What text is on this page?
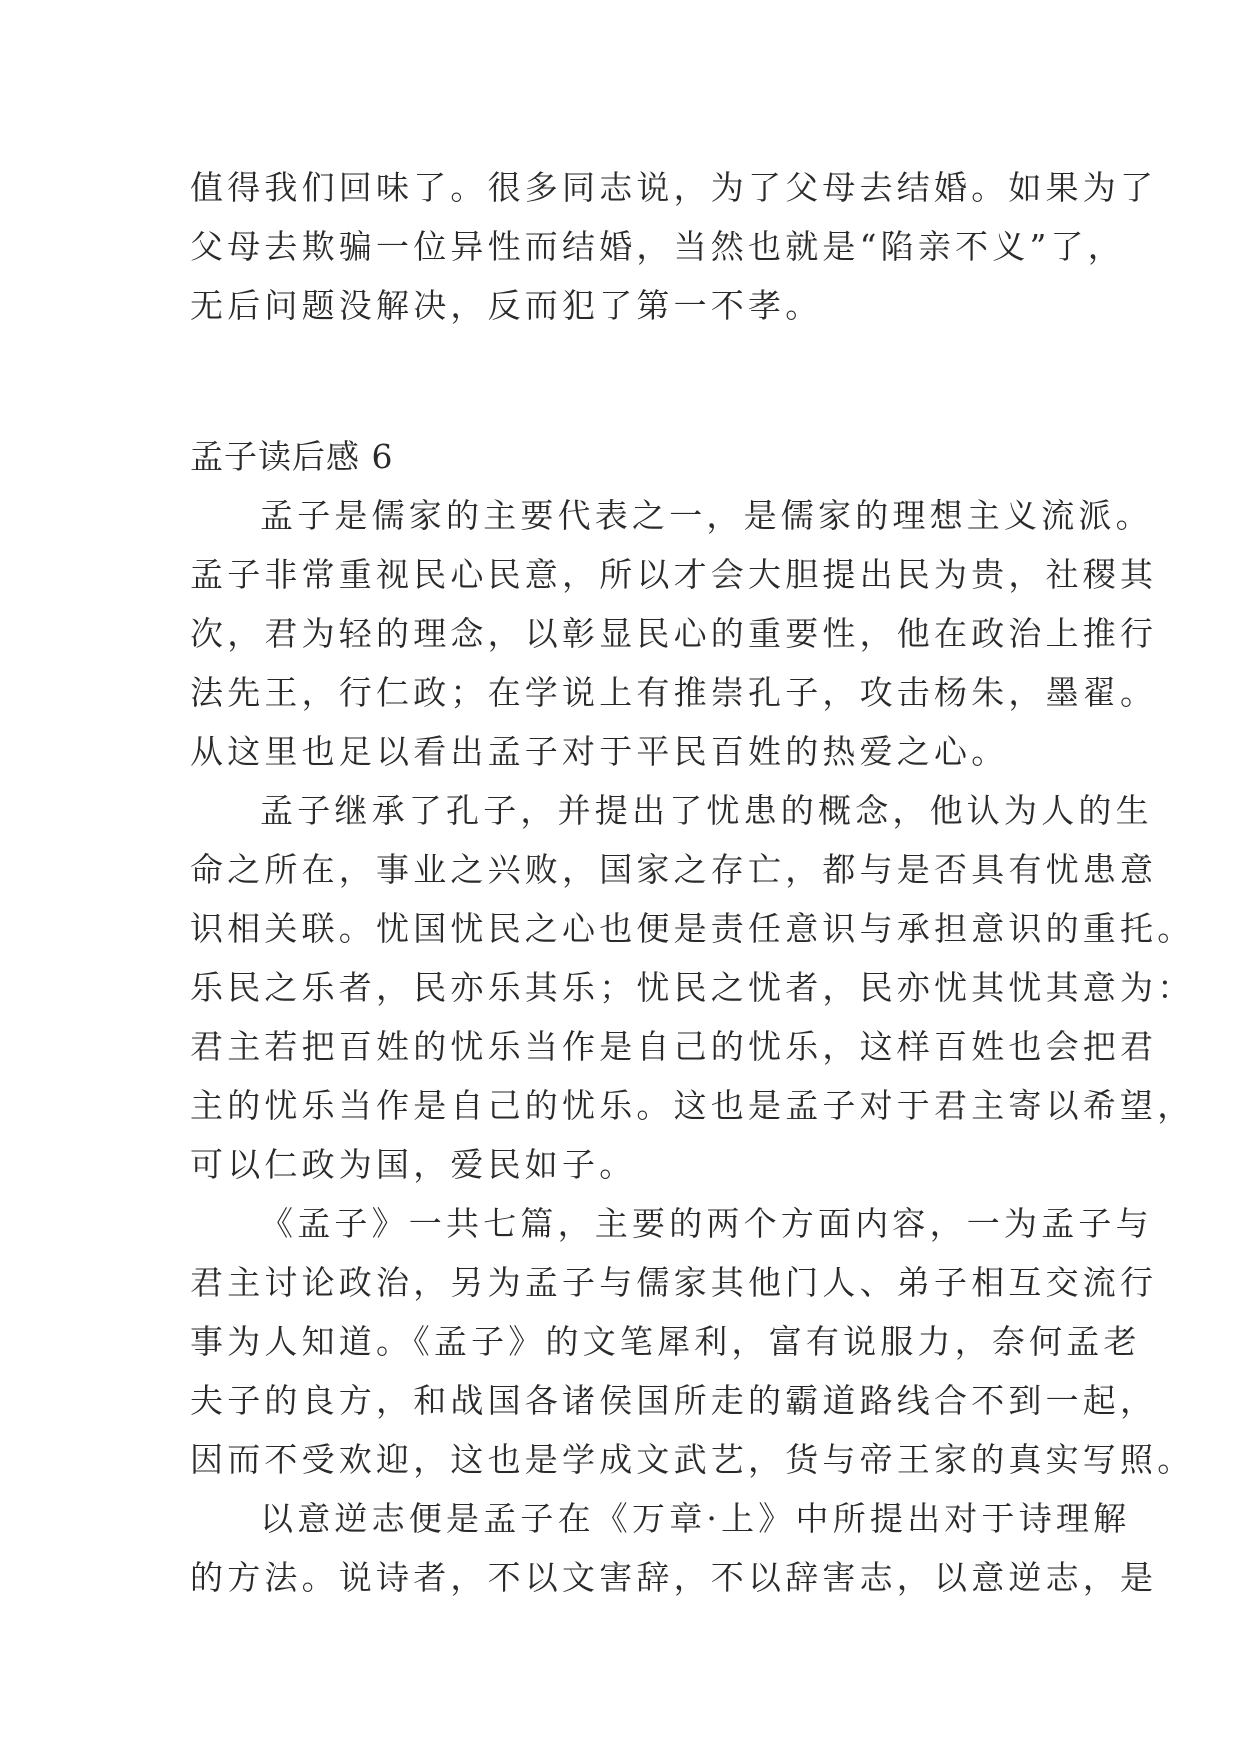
值得我们回味了。很多同志说，为了父母去结婚。如果为了
父母去欺骗一位异性而结婚，当然也就是“陷亲不义”了，
无后问题没解决，反而犯了第一不孝。
孟子读后感 6
孟子是儒家的主要代表之一，是儒家的理想主义流派。
孟子非常重视民心民意，所以才会大胆提出民为贵，社稷其
次，君为轻的理念，以彰显民心的重要性，他在政治上推行
法先王，行仁政；在学说上有推崇孔子，攻击杨朱，墨翟。
从这里也足以看出孟子对于平民百姓的热爱之心。
孟子继承了孔子，并提出了忧患的概念，他认为人的生
命之所在，事业之兴败，国家之存亡，都与是否具有忧患意
识相关联。忧国忧民之心也便是责任意识与承担意识的重托。
乐民之乐者，民亦乐其乐；忧民之忧者，民亦忧其忧其意为：
君主若把百姓的忧乐当作是自己的忧乐，这样百姓也会把君
主的忧乐当作是自己的忧乐。这也是孟子对于君主寄以希望，
可以仁政为国，爱民如子。
《孟子》一共七篇，主要的两个方面内容，一为孟子与
君主讨论政治，另为孟子与儒家其他门人、弟子相互交流行
事为人知道。《孟子》的文笔犀利，富有说服力，奈何孟老
夫子的良方，和战国各诸侯国所走的霸道路线合不到一起，
因而不受欢迎，这也是学成文武艺，货与帝王家的真实写照。
以意逆志便是孟子在《万章·上》中所提出对于诗理解
的方法。说诗者，不以文害辞，不以辞害志，以意逆志，是
